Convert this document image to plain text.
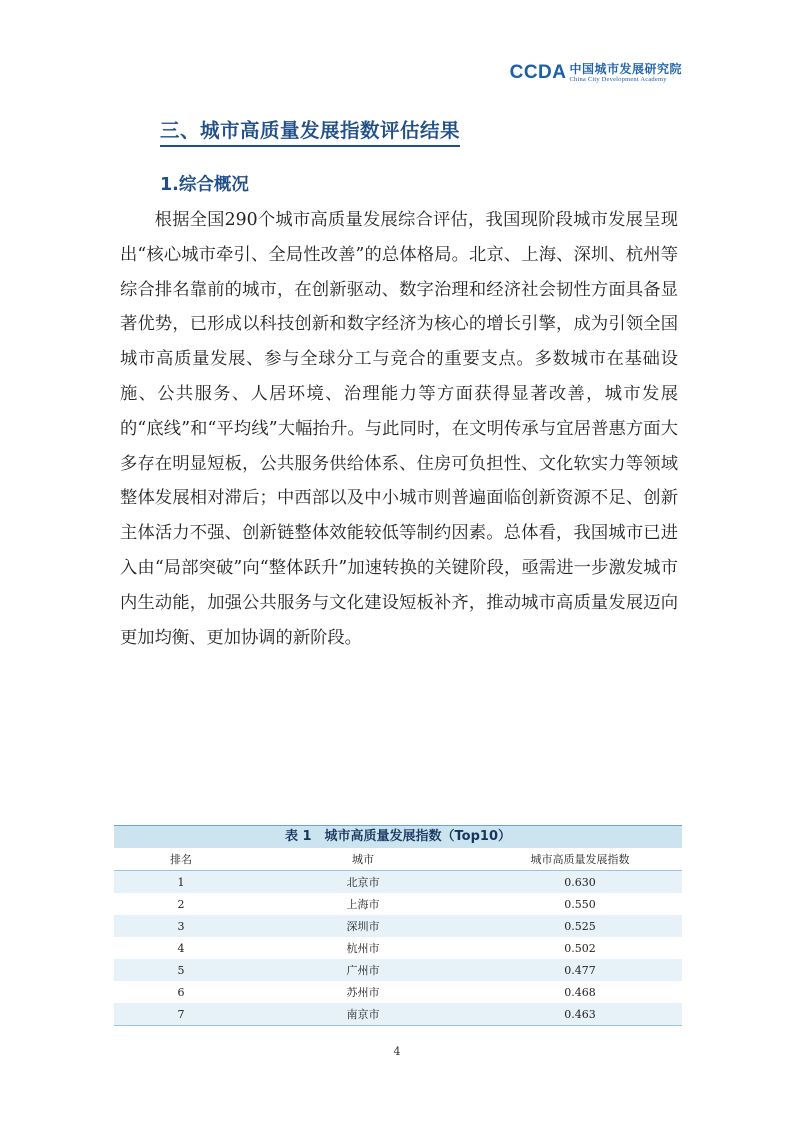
CCDA 中国城市发展研究院
China City Development Academy
三、城市高质量发展指数评估结果
1.综合概况

根据全国290个城市高质量发展综合评估，我国现阶段城市发展呈现出“核心城市牵引、全局性改善”的总体格局。北京、上海、深圳、杭州等综合排名靠前的城市，在创新驱动、数字治理和经济社会韧性方面具备显著优势，已形成以科技创新和数字经济为核心的增长引擎，成为引领全国城市高质量发展、参与全球分工与竞合的重要支点。多数城市在基础设施、公共服务、人居环境、治理能力等方面获得显著改善，城市发展的“底线”和“平均线”大幅抬升。与此同时，在文明传承与宜居普惠方面大多存在明显短板，公共服务供给体系、住房可负担性、文化软实力等领域整体发展相对滞后；中西部以及中小城市则普遍面临创新资源不足、创新主体活力不强、创新链整体效能较低等制约因素。总体看，我国城市已进入由“局部突破”向“整体跃升”加速转换的关键阶段，亟需进一步激发城市内生动能，加强公共服务与文化建设短板补齐，推动城市高质量发展迈向更加均衡、更加协调的新阶段。

表 1　城市高质量发展指数（Top10）
排名	城市	城市高质量发展指数
1	北京市	0.630
2	上海市	0.550
3	深圳市	0.525
4	杭州市	0.502
5	广州市	0.477
6	苏州市	0.468
7	南京市	0.463
4
